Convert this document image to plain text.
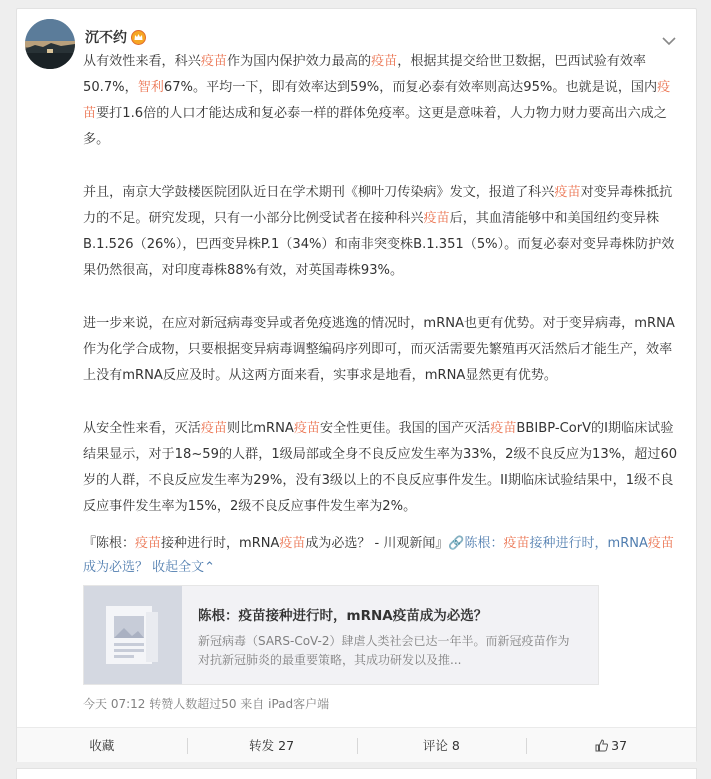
沉不约

从有效性来看，科兴疫苗作为国内保护效力最高的疫苗，根据其提交给世卫数据，巴西试验有效率50.7%，智利67%。平均一下，即有效率达到59%，而复必泰有效率则高达95%。也就是说，国内疫苗要打1.6倍的人口才能达成和复必泰一样的群体免疫率。这更是意味着，人力物力财力要高出六成之多。

并且，南京大学鼓楼医院团队近日在学术期刊《柳叶刀传染病》发文，报道了科兴疫苗对变异毒株抵抗力的不足。研究发现，只有一小部分比例受试者在接种科兴疫苗后，其血清能够中和美国纽约变异株B.1.526（26%），巴西变异株P.1（34%）和南非突变株B.1.351（5%）。而复必泰对变异毒株防护效果仍然很高，对印度毒株88%有效，对英国毒株93%。

进一步来说，在应对新冠病毒变异或者免疫逃逸的情况时，mRNA也更有优势。对于变异病毒，mRNA作为化学合成物，只要根据变异病毒调整编码序列即可，而灭活需要先繁殖再灭活然后才能生产，效率上没有mRNA反应及时。从这两方面来看，实事求是地看，mRNA显然更有优势。

从安全性来看，灭活疫苗则比mRNA疫苗安全性更佳。我国的国产灭活疫苗BBIBP-CorV的I期临床试验结果显示，对于18~59的人群，1级局部或全身不良反应发生率为33%，2级不良反应为13%，超过60岁的人群，不良反应发生率为29%，没有3级以上的不良反应事件发生。II期临床试验结果中，1级不良反应事件发生率为15%，2级不良反应事件发生率为2%。

『陈根：疫苗接种进行时，mRNA疫苗成为必选？ - 川观新闻』🔗陈根：疫苗接种进行时，mRNA疫苗成为必选？ 收起全文⌃
陈根：疫苗接种进行时，mRNA疫苗成为必选？
新冠病毒（SARS-CoV-2）肆虐人类社会已达一年半。而新冠疫苗作为
对抗新冠肺炎的最重要策略，其成功研发以及推...
今天 07:12 转赞人数超过50 来自 iPad客户端
收藏	转发 27	评论 8	37
